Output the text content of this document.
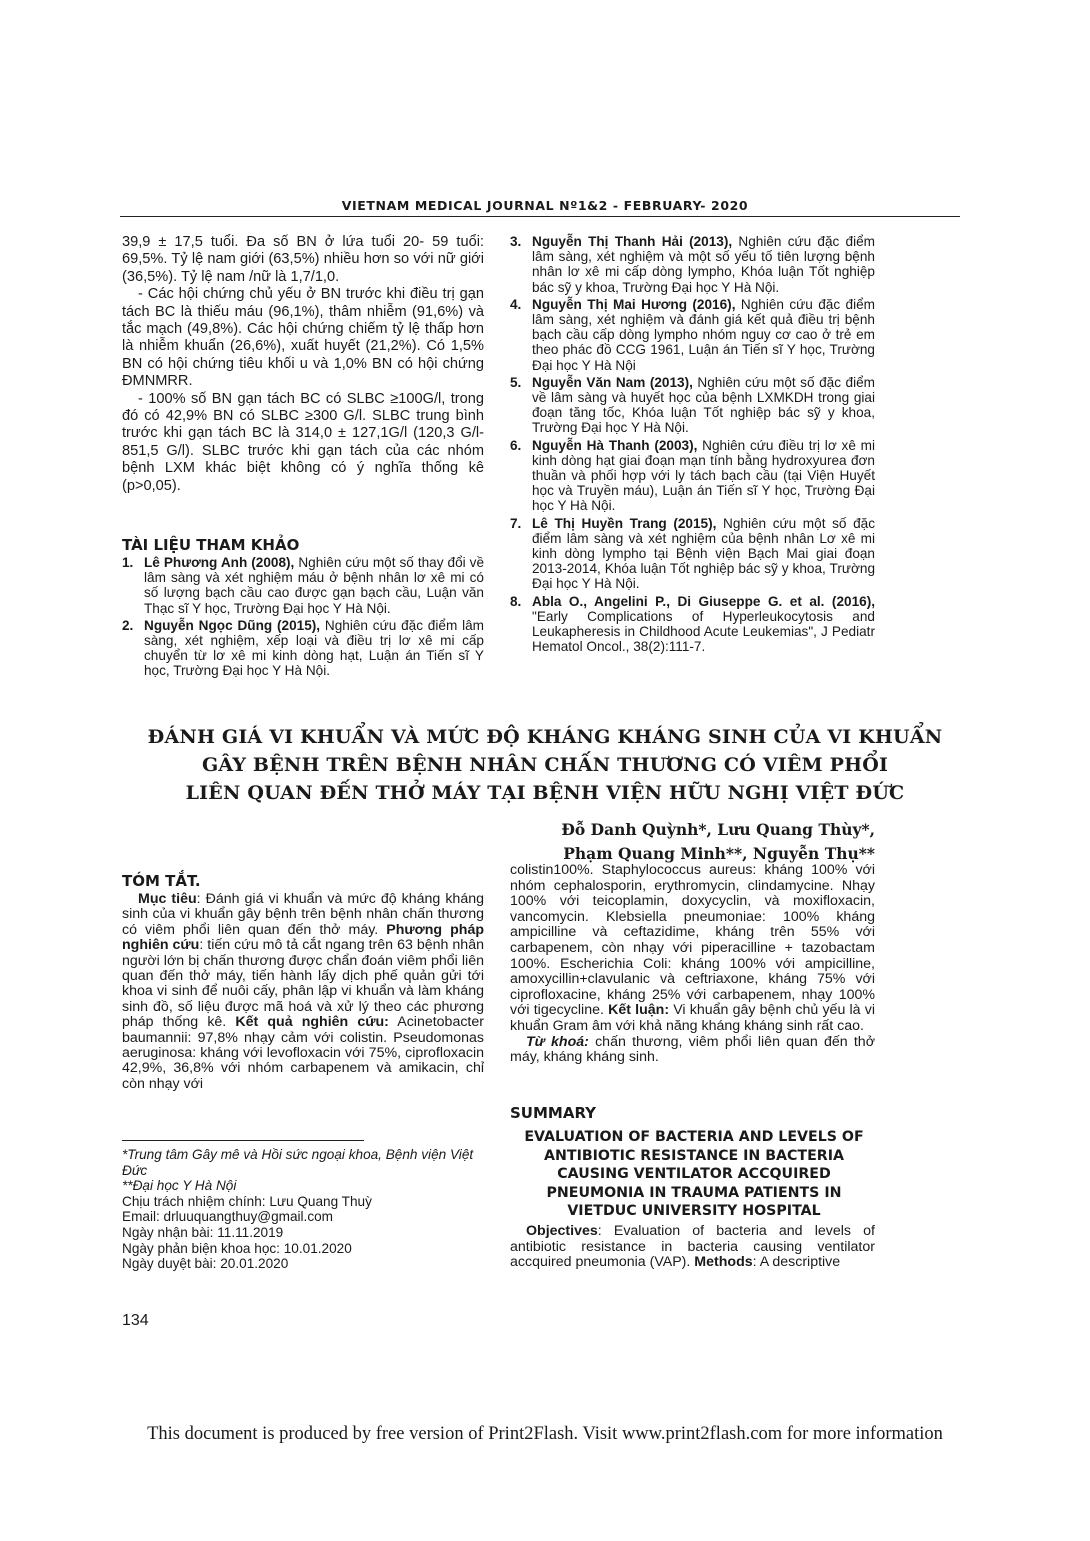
VIETNAM MEDICAL JOURNAL Nº1&2 - FEBRUARY- 2020

39,9 ± 17,5 tuổi. Đa số BN ở lứa tuổi 20- 59 tuổi: 69,5%. Tỷ lệ nam giới (63,5%) nhiều hơn so với nữ giới (36,5%). Tỷ lệ nam /nữ là 1,7/1,0.

- Các hội chứng chủ yếu ở BN trước khi điều trị gạn tách BC là thiếu máu (96,1%), thâm nhiễm (91,6%) và tắc mạch (49,8%). Các hội chứng chiếm tỷ lệ thấp hơn là nhiễm khuẩn (26,6%), xuất huyết (21,2%). Có 1,5% BN có hội chứng tiêu khối u và 1,0% BN có hội chứng ĐMNMRR.

- 100% số BN gạn tách BC có SLBC ≥100G/l, trong đó có 42,9% BN có SLBC ≥300 G/l. SLBC trung bình trước khi gạn tách BC là 314,0 ± 127,1G/l (120,3 G/l- 851,5 G/l). SLBC trước khi gạn tách của các nhóm bệnh LXM khác biệt không có ý nghĩa thống kê (p>0,05).

TÀI LIỆU THAM KHẢO
1. Lê Phương Anh (2008), Nghiên cứu một số thay đổi về lâm sàng và xét nghiệm máu ở bệnh nhân lơ xê mi có số lượng bạch cầu cao được gạn bạch cầu, Luận văn Thạc sĩ Y học, Trường Đại học Y Hà Nội.
2. Nguyễn Ngọc Dũng (2015), Nghiên cứu đặc điểm lâm sàng, xét nghiệm, xếp loại và điều trị lơ xê mi cấp chuyển từ lơ xê mi kinh dòng hạt, Luận án Tiến sĩ Y học, Trường Đại học Y Hà Nội.
3. Nguyễn Thị Thanh Hải (2013), Nghiên cứu đặc điểm lâm sàng, xét nghiệm và một số yếu tố tiên lượng bệnh nhân lơ xê mi cấp dòng lympho, Khóa luận Tốt nghiệp bác sỹ y khoa, Trường Đại học Y Hà Nội.
4. Nguyễn Thị Mai Hương (2016), Nghiên cứu đặc điểm lâm sàng, xét nghiệm và đánh giá kết quả điều trị bệnh bạch cầu cấp dòng lympho nhóm nguy cơ cao ở trẻ em theo phác đồ CCG 1961, Luận án Tiến sĩ Y học, Trường Đại học Y Hà Nội
5. Nguyễn Văn Nam (2013), Nghiên cứu một số đặc điểm về lâm sàng và huyết học của bệnh LXMKDH trong giai đoạn tăng tốc, Khóa luận Tốt nghiệp bác sỹ y khoa, Trường Đại học Y Hà Nội.
6. Nguyễn Hà Thanh (2003), Nghiên cứu điều trị lơ xê mi kinh dòng hạt giai đoạn mạn tính bằng hydroxyurea đơn thuần và phối hợp với ly tách bạch cầu (tại Viện Huyết học và Truyền máu), Luận án Tiến sĩ Y học, Trường Đại học Y Hà Nội.
7. Lê Thị Huyền Trang (2015), Nghiên cứu một số đặc điểm lâm sàng và xét nghiệm của bệnh nhân Lơ xê mi kinh dòng lympho tại Bệnh viện Bạch Mai giai đoạn 2013-2014, Khóa luận Tốt nghiệp bác sỹ y khoa, Trường Đại học Y Hà Nội.
8. Abla O., Angelini P., Di Giuseppe G. et al. (2016), "Early Complications of Hyperleukocytosis and Leukapheresis in Childhood Acute Leukemias", J Pediatr Hematol Oncol., 38(2):111-7.
ĐÁNH GIÁ VI KHUẨN VÀ MỨC ĐỘ KHÁNG KHÁNG SINH CỦA VI KHUẨN
GÂY BỆNH TRÊN BỆNH NHÂN CHẤN THƯƠNG CÓ VIÊM PHỔI
LIÊN QUAN ĐẾN THỞ MÁY TẠI BỆNH VIỆN HỮU NGHỊ VIỆT ĐỨC
Đỗ Danh Quỳnh*, Lưu Quang Thùy*,
Phạm Quang Minh**, Nguyễn Thụ**
TÓM TẮT.

Mục tiêu: Đánh giá vi khuẩn và mức độ kháng kháng sinh của vi khuẩn gây bệnh trên bệnh nhân chấn thương có viêm phổi liên quan đến thở máy. Phương pháp nghiên cứu: tiến cứu mô tả cắt ngang trên 63 bệnh nhân người lớn bị chấn thương được chẩn đoán viêm phổi liên quan đến thở máy, tiến hành lấy dịch phế quản gửi tới khoa vi sinh để nuôi cấy, phân lập vi khuẩn và làm kháng sinh đồ, số liệu được mã hoá và xử lý theo các phương pháp thống kê. Kết quả nghiên cứu: Acinetobacter baumannii: 97,8% nhạy cảm với colistin. Pseudomonas aeruginosa: kháng với levofloxacin với 75%, ciprofloxacin 42,9%, 36,8% với nhóm carbapenem và amikacin, chỉ còn nhạy với

colistin100%. Staphylococcus aureus: kháng 100% với nhóm cephalosporin, erythromycin, clindamycine. Nhạy 100% với teicoplamin, doxycyclin, và moxifloxacin, vancomycin. Klebsiella pneumoniae: 100% kháng ampicilline và ceftazidime, kháng trên 55% với carbapenem, còn nhạy với piperacilline + tazobactam 100%. Escherichia Coli: kháng 100% với ampicilline, amoxycillin+clavulanic và ceftriaxone, kháng 75% với ciprofloxacine, kháng 25% với carbapenem, nhạy 100% với tigecycline. Kết luận: Vi khuẩn gây bệnh chủ yếu là vi khuẩn Gram âm với khả năng kháng kháng sinh rất cao.

Từ khoá: chấn thương, viêm phổi liên quan đến thở máy, kháng kháng sinh.

SUMMARY
EVALUATION OF BACTERIA AND LEVELS OF ANTIBIOTIC RESISTANCE IN BACTERIA CAUSING VENTILATOR ACCQUIRED PNEUMONIA IN TRAUMA PATIENTS IN VIETDUC UNIVERSITY HOSPITAL

Objectives: Evaluation of bacteria and levels of antibiotic resistance in bacteria causing ventilator accquired pneumonia (VAP). Methods: A descriptive

*Trung tâm Gây mê và Hồi sức ngoại khoa, Bệnh viện Việt Đức
**Đại học Y Hà Nội
Chịu trách nhiệm chính: Lưu Quang Thuỳ
Email: drluuquangthuy@gmail.com
Ngày nhận bài: 11.11.2019
Ngày phản biện khoa học: 10.01.2020
Ngày duyệt bài: 20.01.2020
134
This document is produced by free version of Print2Flash. Visit www.print2flash.com for more information
